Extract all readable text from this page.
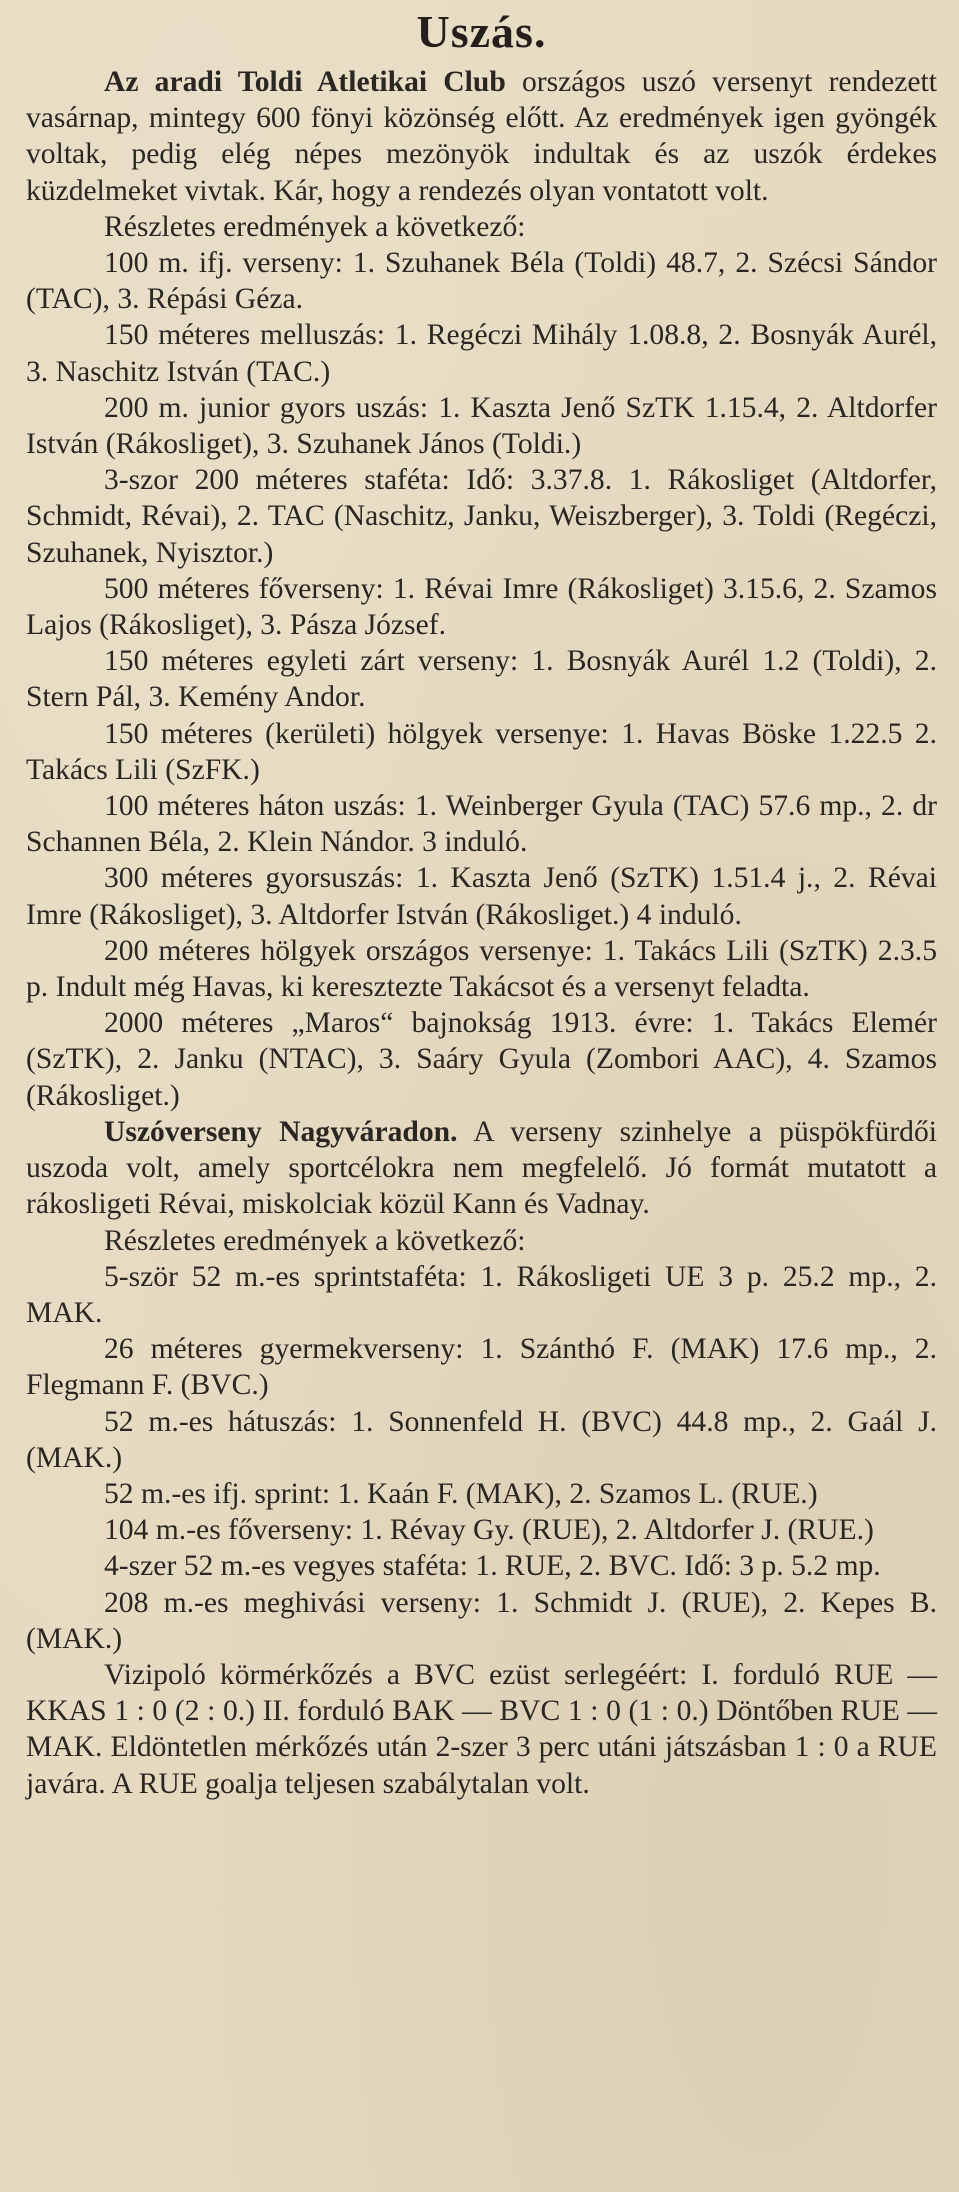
Uszás.

Az aradi Toldi Atletikai Club országos uszó versenyt rendezett vasárnap, mintegy 600 fönyi közönség előtt. Az eredmények igen gyöngék voltak, pedig elég népes mezönyök indultak és az uszók érdekes küzdelmeket vivtak. Kár, hogy a rendezés olyan vontatott volt.

Részletes eredmények a következő:

100 m. ifj. verseny: 1. Szuhanek Béla (Toldi) 48.7, 2. Szécsi Sándor (TAC), 3. Répási Géza.

150 méteres melluszás: 1. Regéczi Mihály 1.08.8, 2. Bosnyák Aurél, 3. Naschitz István (TAC.)

200 m. junior gyors uszás: 1. Kaszta Jenő SzTK 1.15.4, 2. Altdorfer István (Rákosliget), 3. Szuhanek János (Toldi.)

3-szor 200 méteres staféta: Idő: 3.37.8. 1. Rákosliget (Altdorfer, Schmidt, Révai), 2. TAC (Naschitz, Janku, Weiszberger), 3. Toldi (Regéczi, Szuhanek, Nyisztor.)

500 méteres főverseny: 1. Révai Imre (Rákosliget) 3.15.6, 2. Szamos Lajos (Rákosliget), 3. Pásza József.

150 méteres egyleti zárt verseny: 1. Bosnyák Aurél 1.2 (Toldi), 2. Stern Pál, 3. Kemény Andor.

150 méteres (kerületi) hölgyek versenye: 1. Havas Böske 1.22.5 2. Takács Lili (SzFK.)

100 méteres háton uszás: 1. Weinberger Gyula (TAC) 57.6 mp., 2. dr Schannen Béla, 2. Klein Nándor. 3 induló.

300 méteres gyorsuszás: 1. Kaszta Jenő (SzTK) 1.51.4 j., 2. Révai Imre (Rákosliget), 3. Altdorfer István (Rákosliget.) 4 induló.

200 méteres hölgyek országos versenye: 1. Takács Lili (SzTK) 2.3.5 p. Indult még Havas, ki keresztezte Takácsot és a versenyt feladta.

2000 méteres „Maros“ bajnokság 1913. évre: 1. Takács Elemér (SzTK), 2. Janku (NTAC), 3. Saáry Gyula (Zombori AAC), 4. Szamos (Rákosliget.)

Uszóverseny Nagyváradon. A verseny szinhelye a püspökfürdői uszoda volt, amely sportcélokra nem megfelelő. Jó formát mutatott a rákosligeti Révai, miskolciak közül Kann és Vadnay.

Részletes eredmények a következő:

5-ször 52 m.-es sprintstaféta: 1. Rákosligeti UE 3 p. 25.2 mp., 2. MAK.

26 méteres gyermekverseny: 1. Szánthó F. (MAK) 17.6 mp., 2. Flegmann F. (BVC.)

52 m.-es hátuszás: 1. Sonnenfeld H. (BVC) 44.8 mp., 2. Gaál J. (MAK.)

52 m.-es ifj. sprint: 1. Kaán F. (MAK), 2. Szamos L. (RUE.)

104 m.-es főverseny: 1. Révay Gy. (RUE), 2. Altdorfer J. (RUE.)

4-szer 52 m.-es vegyes staféta: 1. RUE, 2. BVC. Idő: 3 p. 5.2 mp.

208 m.-es meghivási verseny: 1. Schmidt J. (RUE), 2. Kepes B. (MAK.)

Vizipoló körmérkőzés a BVC ezüst serlegéért: I. forduló RUE — KKAS 1 : 0 (2 : 0.) II. forduló BAK — BVC 1 : 0 (1 : 0.) Döntőben RUE — MAK. Eldöntetlen mérkőzés után 2-szer 3 perc utáni játszásban 1 : 0 a RUE javára. A RUE goalja teljesen szabálytalan volt.
